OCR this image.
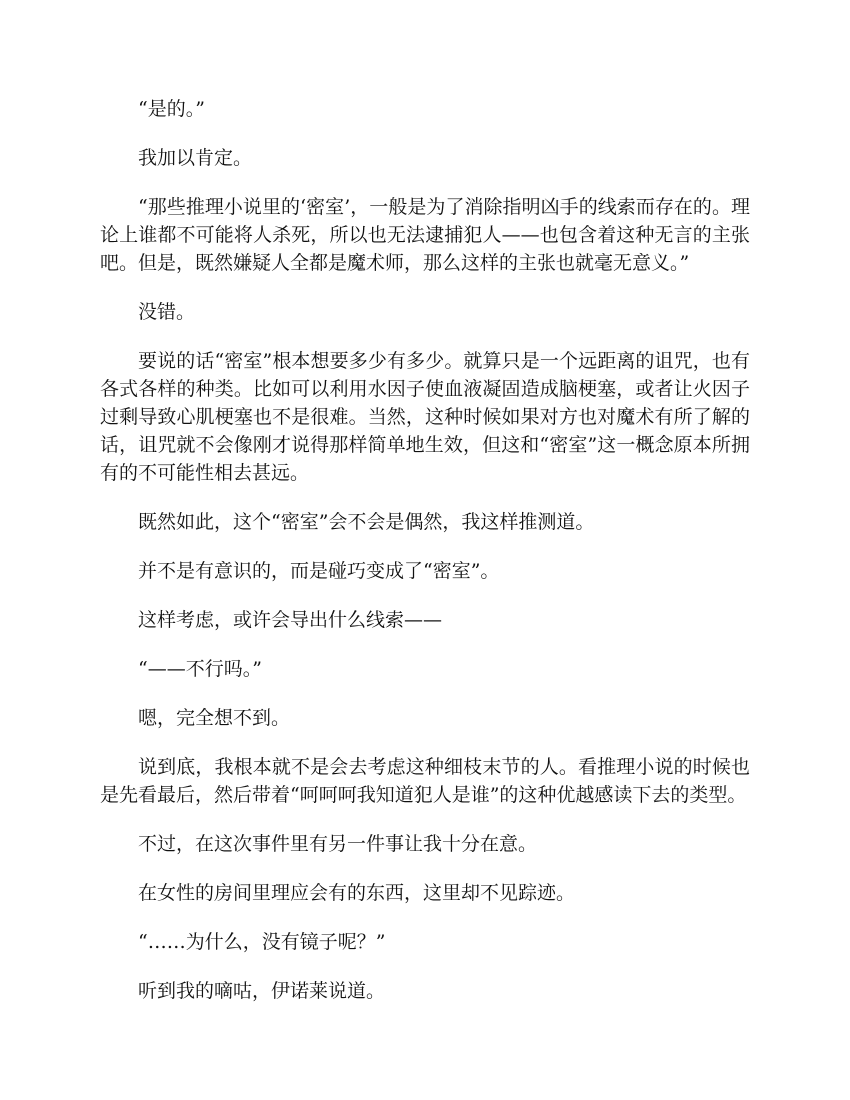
“是的。”

我加以肯定。

“那些推理小说里的‘密室’，一般是为了消除指明凶手的线索而存在的。理论上谁都不可能将人杀死，所以也无法逮捕犯人——也包含着这种无言的主张吧。但是，既然嫌疑人全都是魔术师，那么这样的主张也就毫无意义。”

没错。

要说的话“密室”根本想要多少有多少。就算只是一个远距离的诅咒，也有各式各样的种类。比如可以利用水因子使血液凝固造成脑梗塞，或者让火因子过剩导致心肌梗塞也不是很难。当然，这种时候如果对方也对魔术有所了解的话，诅咒就不会像刚才说得那样简单地生效，但这和“密室”这一概念原本所拥有的不可能性相去甚远。

既然如此，这个“密室”会不会是偶然，我这样推测道。

并不是有意识的，而是碰巧变成了“密室”。

这样考虑，或许会导出什么线索——

“——不行吗。”

嗯，完全想不到。

说到底，我根本就不是会去考虑这种细枝末节的人。看推理小说的时候也是先看最后，然后带着“呵呵呵我知道犯人是谁”的这种优越感读下去的类型。

不过，在这次事件里有另一件事让我十分在意。

在女性的房间里理应会有的东西，这里却不见踪迹。

“……为什么，没有镜子呢？”

听到我的嘀咕，伊诺莱说道。
